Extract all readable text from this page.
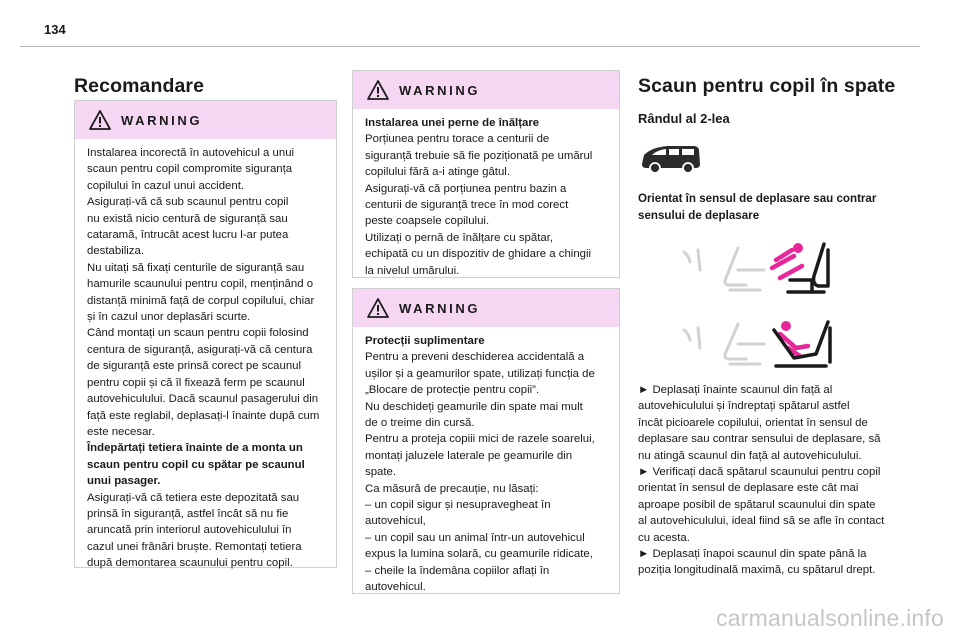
134
Recomandare
WARNING

Instalarea incorectă în autovehicul a unui

scaun pentru copil compromite siguranța

copilului în cazul unui accident.

Asigurați-vă că sub scaunul pentru copil

nu există nicio centură de siguranță sau

cataramă, întrucât acest lucru l-ar putea

destabiliza.

Nu uitați să fixați centurile de siguranță sau

hamurile scaunului pentru copil, menținând o

distanță minimă față de corpul copilului, chiar

și în cazul unor deplasări scurte.

Când montați un scaun pentru copii folosind

centura de siguranță, asigurați-vă că centura

de siguranță este prinsă corect pe scaunul

pentru copii și că îl fixează ferm pe scaunul

autovehiculului. Dacă scaunul pasagerului din

față este reglabil, deplasați-l înainte după cum

este necesar.

Îndepărtați tetiera înainte de a monta un

scaun pentru copil cu spătar pe scaunul

unui pasager.

Asigurați-vă că tetiera este depozitată sau

prinsă în siguranță, astfel încât să nu fie

aruncată prin interiorul autovehiculului în

cazul unei frânări bruște. Remontați tetiera

după demontarea scaunului pentru copil.

WARNING

Instalarea unei perne de înălțare

Porțiunea pentru torace a centurii de

siguranță trebuie să fie poziționată pe umărul

copilului fără a-i atinge gâtul.

Asigurați-vă că porțiunea pentru bazin a

centurii de siguranță trece în mod corect

peste coapsele copilului.

Utilizați o pernă de înălțare cu spătar,

echipată cu un dispozitiv de ghidare a chingii

la nivelul umărului.

WARNING

Protecții suplimentare

Pentru a preveni deschiderea accidentală a

ușilor și a geamurilor spate, utilizați funcția de

„Blocare de protecție pentru copii”.

Nu deschideți geamurile din spate mai mult

de o treime din cursă.

Pentru a proteja copiii mici de razele soarelui,

montați jaluzele laterale pe geamurile din

spate.

Ca măsură de precauție, nu lăsați:

– un copil sigur și nesupravegheat în

autovehicul,

– un copil sau un animal într-un autovehicul

expus la lumina solară, cu geamurile ridicate,

– cheile la îndemâna copiilor aflați în

autovehicul.

Scaun pentru copil în spate
Rândul al 2-lea
Orientat în sensul de deplasare sau contrar sensului de deplasare

► Deplasați înainte scaunul din față al

autovehiculului și îndreptați spătarul astfel

încât picioarele copilului, orientat în sensul de

deplasare sau contrar sensului de deplasare, să

nu atingă scaunul din față al autovehiculului.

► Verificați dacă spătarul scaunului pentru copil

orientat în sensul de deplasare este cât mai

aproape posibil de spătarul scaunului din spate

al autovehiculului, ideal fiind să se afle în contact

cu acesta.

► Deplasați înapoi scaunul din spate până la

poziția longitudinală maximă, cu spătarul drept.

carmanualsonline.info
